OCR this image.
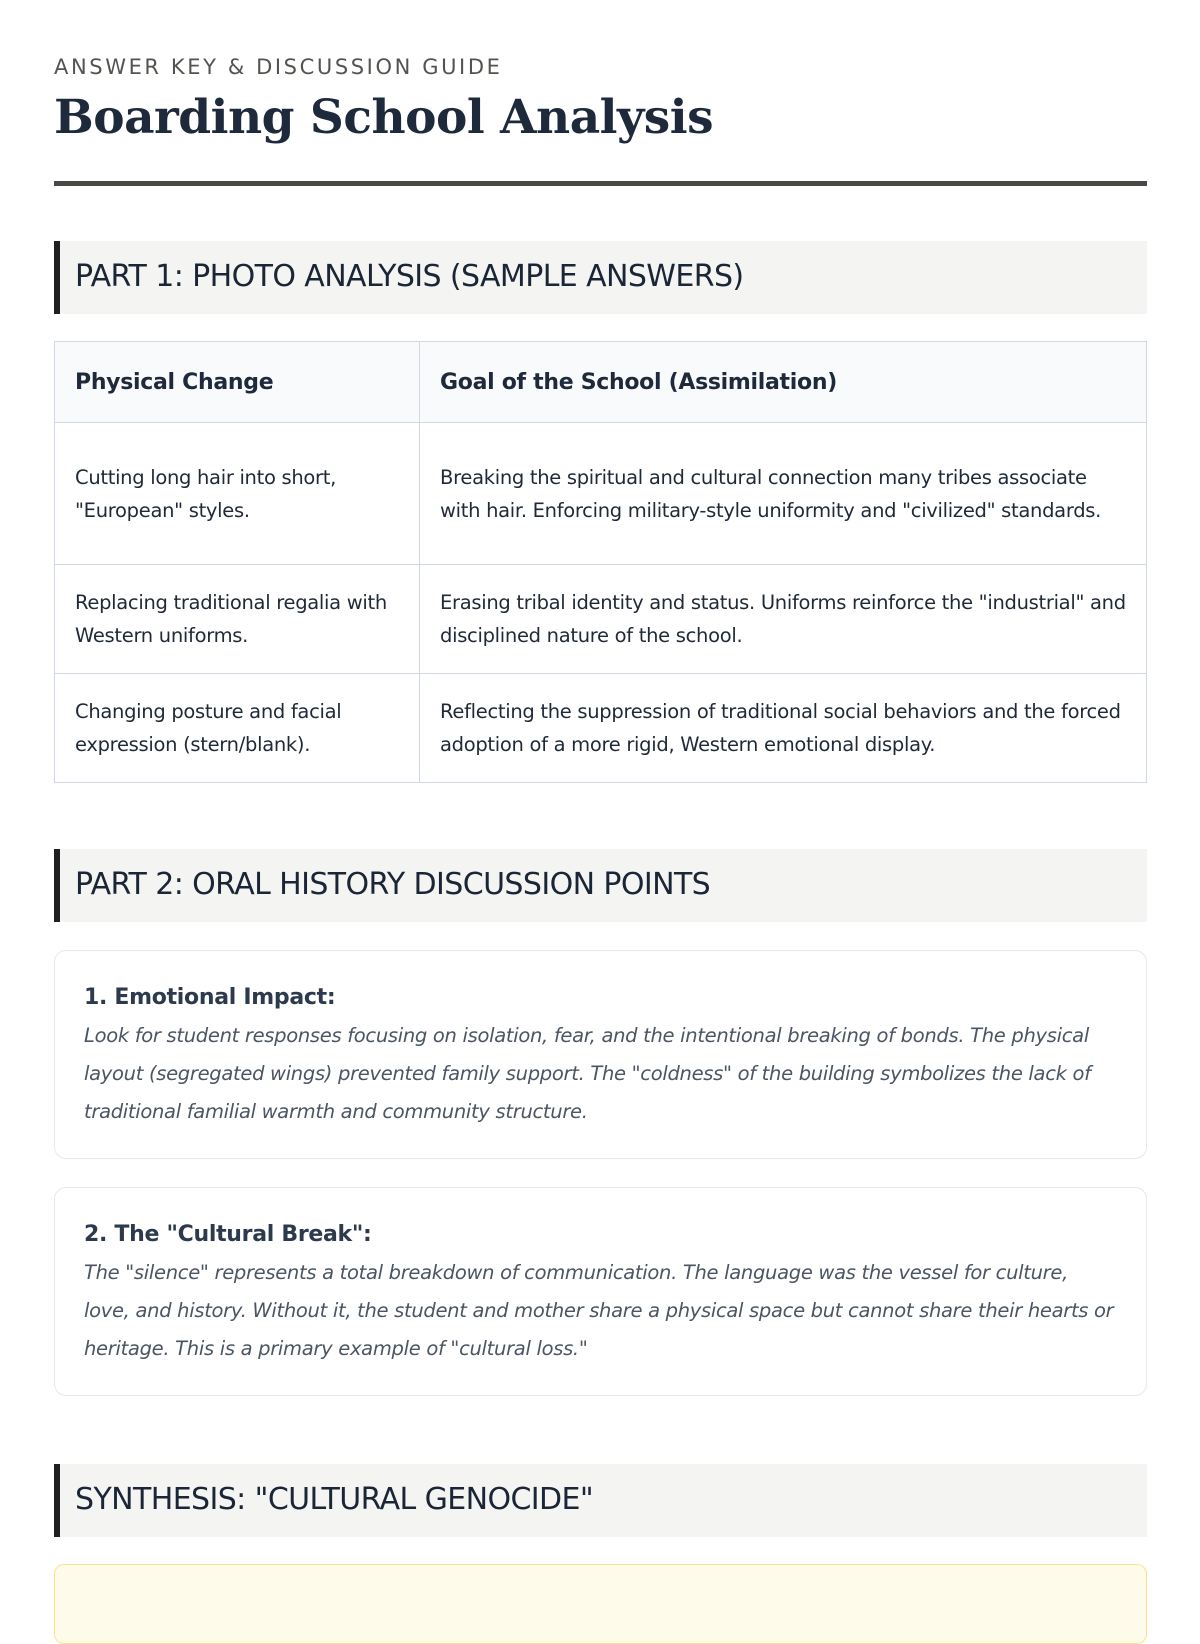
ANSWER KEY & DISCUSSION GUIDE
Boarding School Analysis
PART 1: PHOTO ANALYSIS (SAMPLE ANSWERS)
Physical Change	Goal of the School (Assimilation)
Cutting long hair into short, "European" styles.	Breaking the spiritual and cultural connection many tribes associate with hair. Enforcing military-style uniformity and "civilized" standards.
Replacing traditional regalia with Western uniforms.	Erasing tribal identity and status. Uniforms reinforce the "industrial" and disciplined nature of the school.
Changing posture and facial expression (stern/blank).	Reflecting the suppression of traditional social behaviors and the forced adoption of a more rigid, Western emotional display.
PART 2: ORAL HISTORY DISCUSSION POINTS
1. Emotional Impact:

Look for student responses focusing on isolation, fear, and the intentional breaking of bonds. The physical layout (segregated wings) prevented family support. The "coldness" of the building symbolizes the lack of traditional familial warmth and community structure.

2. The "Cultural Break":

The "silence" represents a total breakdown of communication. The language was the vessel for culture, love, and history. Without it, the student and mother share a physical space but cannot share their hearts or heritage. This is a primary example of "cultural loss."

SYNTHESIS: "CULTURAL GENOCIDE"
